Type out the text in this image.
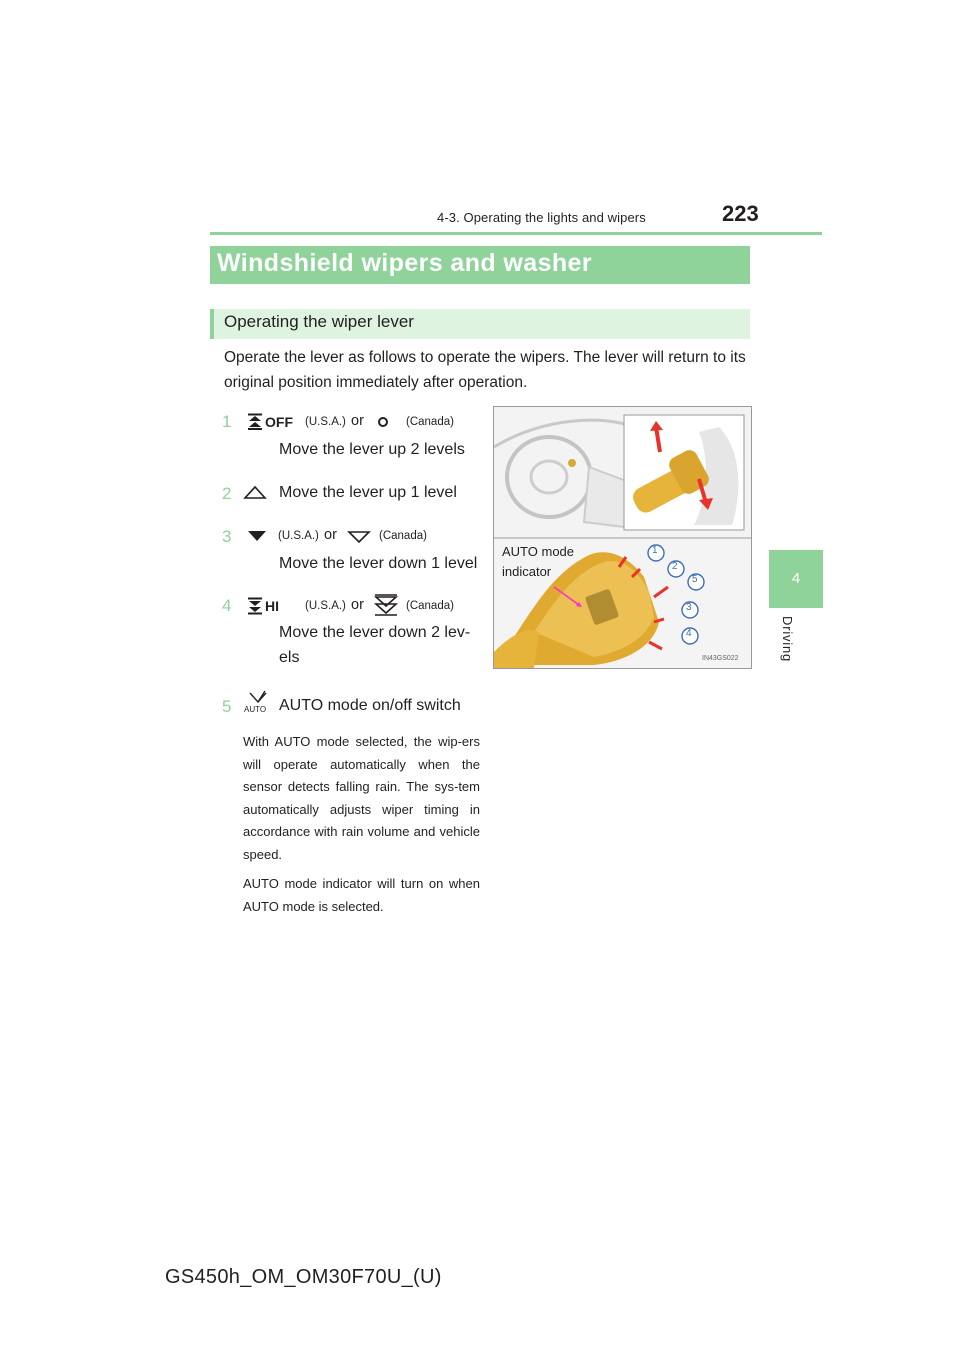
4-3. Operating the lights and wipers	223
4
Driving
Windshield wipers and washer
Operating the wiper lever
Operate the lever as follows to operate the wipers. The lever will return to its original position immediately after operation.
1	OFF (U.S.A.) or	(Canada)
Move the lever up 2 levels
2	Move the lever up 1 level
3	(U.S.A.) or	(Canada)
Move the lever down 1 level
4	HI (U.S.A.) or	(Canada)
Move the lever down 2 lev-
els
5	AUTO AUTO mode on/off switch
With AUTO mode selected, the wip-ers will operate automatically when the sensor detects falling rain. The sys-tem automatically adjusts wiper timing in accordance with rain volume and vehicle speed.
AUTO mode indicator will turn on when AUTO mode is selected.
AUTO mode
indicator
1
2
5
3
4
IN43GS022
GS450h_OM_OM30F70U_(U)
